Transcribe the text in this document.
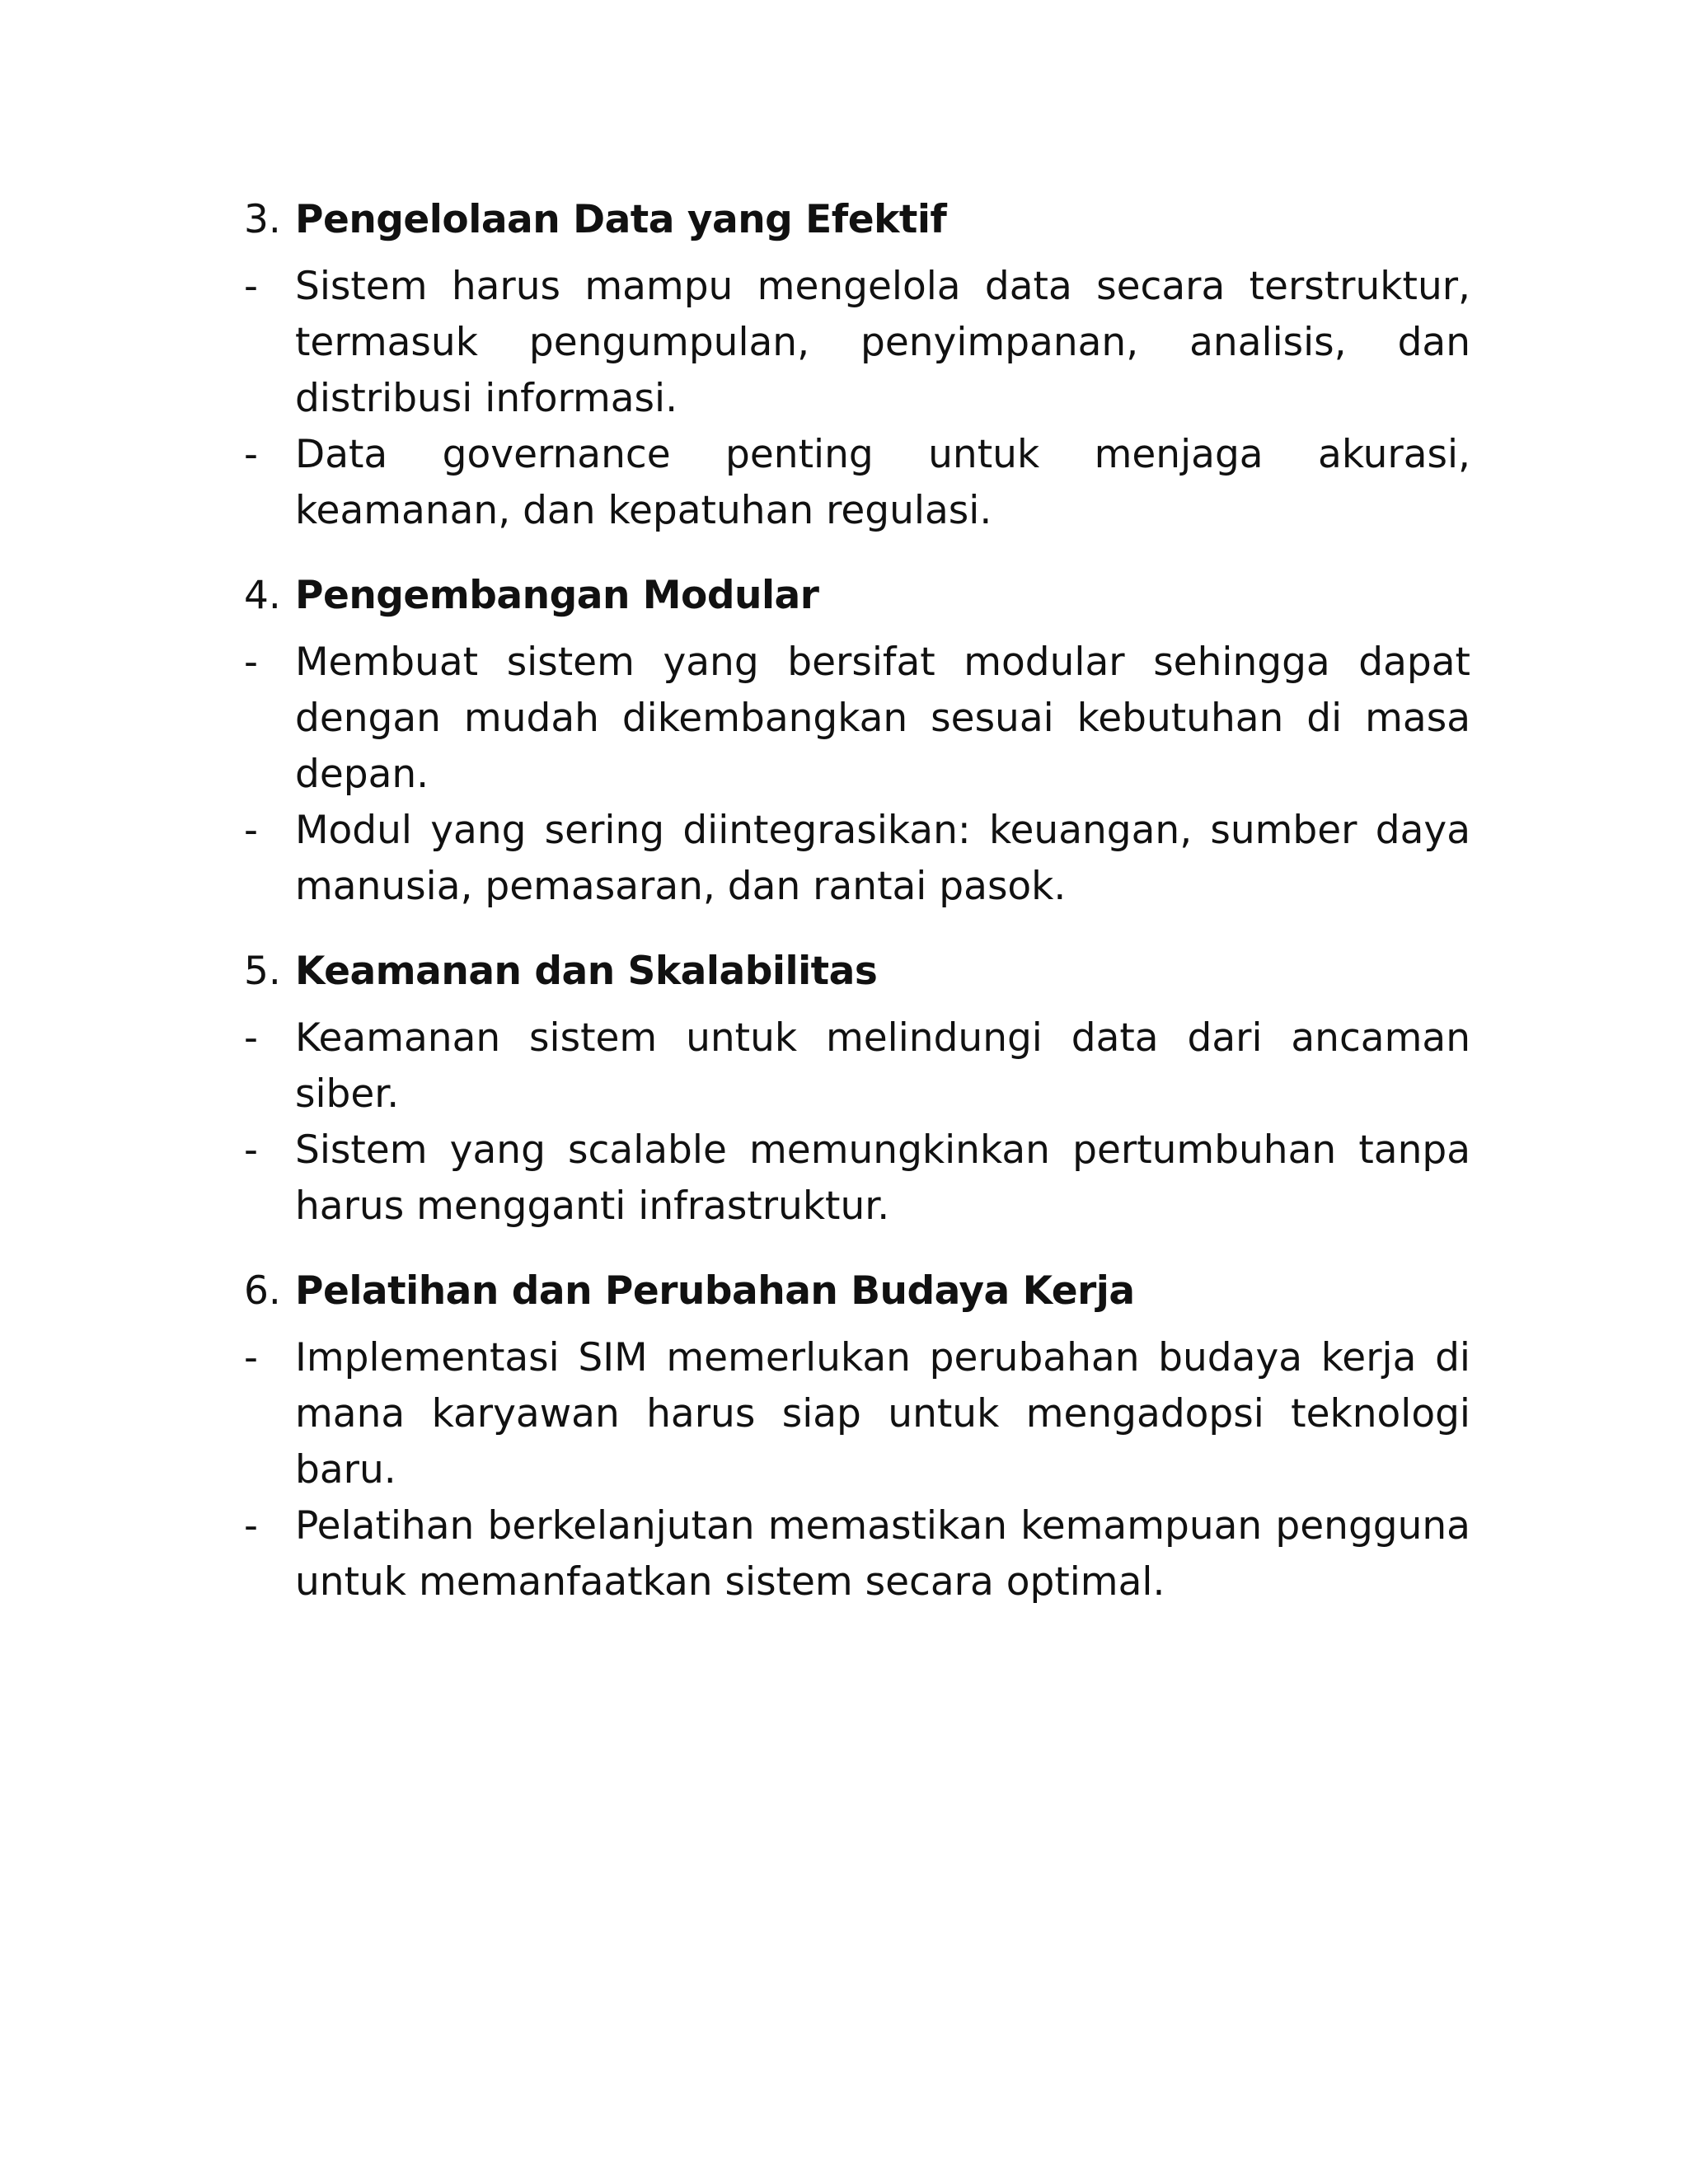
3. Pengelolaan Data yang Efektif
- Sistem harus mampu mengelola data secara terstruktur, termasuk pengumpulan, penyimpanan, analisis, dan distribusi informasi.
- Data governance penting untuk menjaga akurasi, keamanan, dan kepatuhan regulasi.
4. Pengembangan Modular
- Membuat sistem yang bersifat modular sehingga dapat dengan mudah dikembangkan sesuai kebutuhan di masa depan.
- Modul yang sering diintegrasikan: keuangan, sumber daya manusia, pemasaran, dan rantai pasok.
5. Keamanan dan Skalabilitas
- Keamanan sistem untuk melindungi data dari ancaman siber.
- Sistem yang scalable memungkinkan pertumbuhan tanpa harus mengganti infrastruktur.
6. Pelatihan dan Perubahan Budaya Kerja
- Implementasi SIM memerlukan perubahan budaya kerja di mana karyawan harus siap untuk mengadopsi teknologi baru.
- Pelatihan berkelanjutan memastikan kemampuan pengguna untuk memanfaatkan sistem secara optimal.
